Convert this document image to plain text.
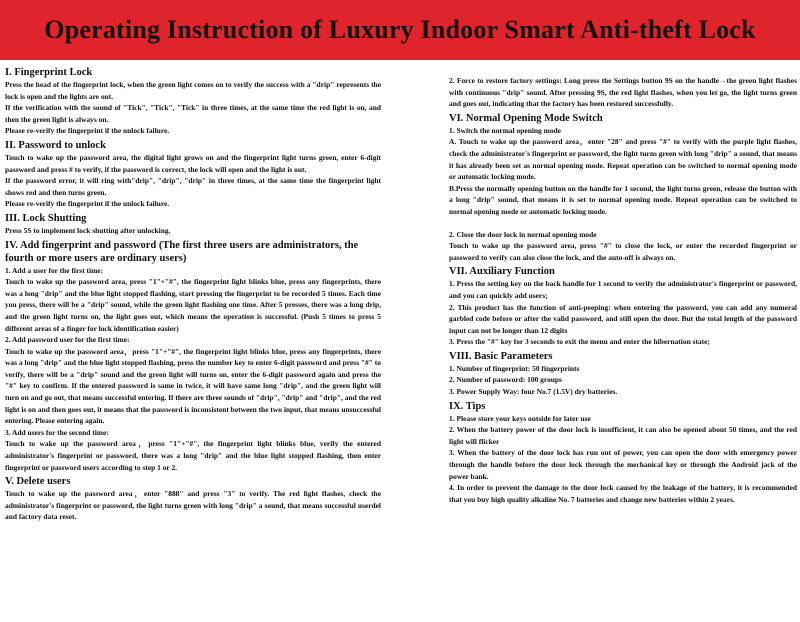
Operating Instruction of Luxury Indoor Smart Anti-theft Lock
I. Fingerprint Lock

Press the head of the fingerprint lock, when the green light comes on to verify the success with a "drip" represents the lock is open and the lights are out.

If the verification with the sound of "Tick", "Tick", "Tick" in three times, at the same time the red light is on, and then the green light is always on.

Please re-verify the fingerprint if the unlock failure.

II. Password to unlock

Touch to wake up the password area, the digital light grows on and the fingerprint light turns green, enter 6-digit password and press # to verify, if the password is correct, the lock will open and the light is out.

If the password error, it will ring with"drip", "drip", "drip" in three times, at the same time the fingerprint light shows red and then turns green.

Please re-verify the fingerprint if the unlock failure.

III. Lock Shutting

Press 5S to implement lock shutting after unlocking.

IV. Add fingerprint and password (The first three users are administrators, the fourth or more users are ordinary users)

1. Add a user for the first time:

Touch to wake up the password area, press "1"+"#", the fingerprint light blinks blue, press any fingerprints, there was a long "drip" and the blue light stopped flashing, start pressing the fingerprint to be recorded 5 times. Each time you press, there will be a "drip" sound, while the green light flashing one time. After 5 presses, there was a long drip, and the green light turns on, the light goes out, which means the operation is successful. (Push 5 times to press 5 different areas of a finger for lock identification easier)

2. Add password user for the first time:

Touch to wake up the password area，press "1"+"#", the fingerprint light blinks blue, press any fingerprints, there was a long "drip" and the blue light stopped flashing, press the number key to enter 6-digit password and press "#" to verify, there will be a "drip" sound and the green light will turns on, enter the 6-digit password again and press the "#" key to confirm. If the entered password is same in twice, it will have same long "drip", and the green light will turn on and go out, that means successful entering. If there are three sounds of "drip", "drip" and "drip", and the red light is on and then goes out, it means that the password is inconsistent between the two input, that means unsuccessful entering. Please entering again.

3. Add users for the second time:

Touch to wake up the password area，press "1"+"#", the fingerprint light blinks blue, verify the entered administrator's fingerprint or password, there was a long "drip" and the blue light stopped flashing, then enter fingerprint or password users according to step 1 or 2.

V. Delete users

Touch to wake up the password area，enter "888" and press "3" to verify. The red light flashes, check the administrator's fingerprint or password, the light turns green with long "drip" a sound, that means successful userdel and factory data reset.

2. Force to restore factory settings: Long press the Settings button 9S on the handle→the green light flashes with continuous "drip" sound. After pressing 9S, the red light flashes, when you let go, the light turns green and goes out, indicating that the factory has been restored successfully.

VI. Normal Opening Mode Switch

1. Switch the normal opening mode

A. Touch to wake up the password area，enter "28" and press "#" to verify with the purple light flashes, check the administrator's fingerprint or password, the light turns green with long "drip" a sound, that means it has already been set as normal opening mode. Repeat operation can be switched to normal opening mode or automatic locking mode.

B.Press the normally opening button on the handle for 1 second, the light turns green, release the button with a long "drip" sound, that means it is set to normal opening mode. Repeat operation can be switched to normal opening mode or automatic locking mode.

2. Close the door lock in normal opening mode

Touch to wake up the password area, press "#" to close the lock, or enter the recorded fingerprint or password to verify can also close the lock, and the auto-off is always on.

VII. Auxiliary Function

1. Press the setting key on the back handle for 1 second to verify the administrator's fingerprint or password, and you can quickly add users;

2. This product has the function of anti-peeping: when entering the password, you can add any numeral garbled code before or after the valid password, and still open the door. But the total length of the password input can not be longer than 12 digits

3. Press the "#" key for 3 seconds to exit the menu and enter the hibernation state;

VIII. Basic Parameters

1. Number of fingerprint: 50 fingerprints

2. Number of password: 100 groups

3. Power Supply Way: four No.7 (1.5V) dry batteries.

IX. Tips

1. Please store your keys outside for later use

2. When the battery power of the door lock is insufficient, it can also be opened about 50 times, and the red light will flicker

3. When the battery of the door lock has run out of power, you can open the door with emergency power through the handle before the door lock through the mechanical key or through the Android jack of the power bank.

4. In order to prevent the damage to the door lock caused by the leakage of the battery, it is recommended that you buy high quality alkaline No. 7 batteries and change new batteries within 2 years.
